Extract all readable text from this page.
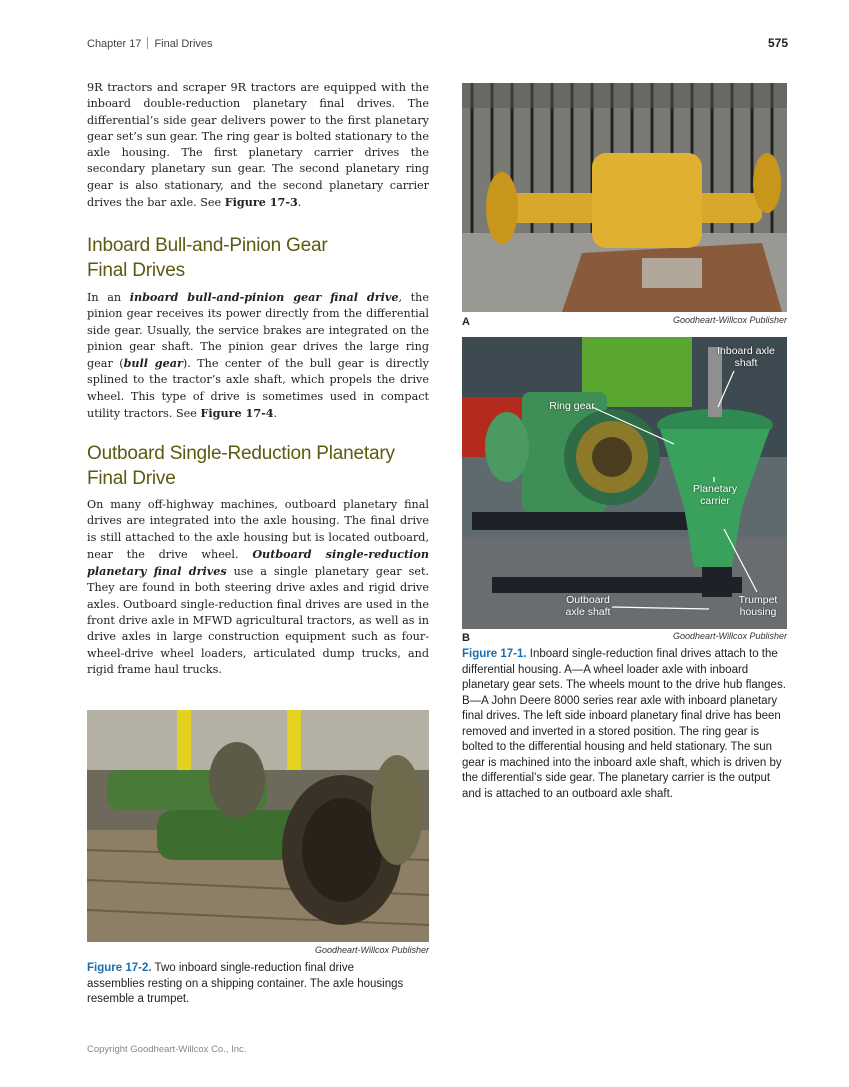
Chapter 17 Final Drives	575

9R tractors and scraper 9R tractors are equipped with the inboard double-reduction planetary final drives. The differential’s side gear delivers power to the first planetary gear set’s sun gear. The ring gear is bolted stationary to the axle housing. The first planetary carrier drives the secondary planetary sun gear. The second planetary ring gear is also stationary, and the second planetary carrier drives the bar axle. See Figure 17-3.

Inboard Bull-and-Pinion Gear
Final Drives

In an inboard bull-and-pinion gear final drive, the pinion gear receives its power directly from the differential side gear. Usually, the service brakes are integrated on the pinion gear shaft. The pinion gear drives the large ring gear (bull gear). The center of the bull gear is directly splined to the tractor’s axle shaft, which propels the drive wheel. This type of drive is sometimes used in compact utility tractors. See Figure 17-4.

Outboard Single-Reduction Planetary
Final Drive

On many off-highway machines, outboard planetary final drives are integrated into the axle housing. The final drive is still attached to the axle housing but is located outboard, near the drive wheel. Outboard single-reduction planetary final drives use a single planetary gear set. They are found in both steering drive axles and rigid drive axles. Outboard single-reduction final drives are used in the front drive axle in MFWD agricultural tractors, as well as in drive axles in large construction equipment such as four-wheel-drive wheel loaders, articulated dump trucks, and rigid frame haul trucks.

A	Goodheart-Willcox Publisher
Inboard axle shaft
Ring gear
Planetary carrier
Outboard axle shaft
Trumpet housing
B	Goodheart-Willcox Publisher

Figure 17-1. Inboard single-reduction final drives attach to the differential housing. A—A wheel loader axle with inboard planetary gear sets. The wheels mount to the drive hub flanges. B—A John Deere 8000 series rear axle with inboard planetary final drives. The left side inboard planetary final drive has been removed and inverted in a stored position. The ring gear is bolted to the differential housing and held stationary. The sun gear is machined into the inboard axle shaft, which is driven by the differential’s side gear. The planetary carrier is the output and is attached to an outboard axle shaft.

Goodheart-Willcox Publisher

Figure 17-2. Two inboard single-reduction final drive assemblies resting on a shipping container. The axle housings resemble a trumpet.

Copyright Goodheart-Willcox Co., Inc.
